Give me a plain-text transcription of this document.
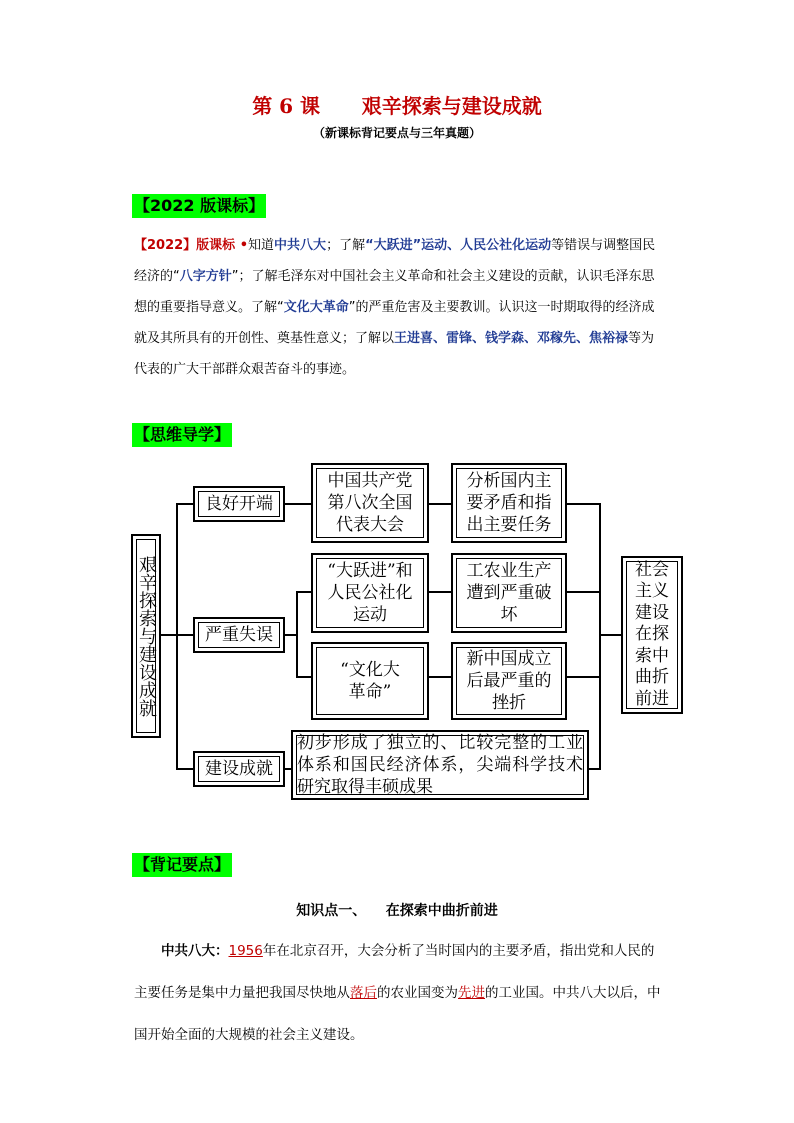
第 6 课      艰辛探索与建设成就
（新课标背记要点与三年真题）
【2022 版课标】
【2022】版课标 •知道中共八大；了解“大跃进”运动、人民公社化运动等错误与调整国民经济的“八字方针”；了解毛泽东对中国社会主义革命和社会主义建设的贡献，认识毛泽东思想的重要指导意义。了解“文化大革命”的严重危害及主要教训。认识这一时期取得的经济成就及其所具有的开创性、奠基性意义；了解以王进喜、雷锋、钱学森、邓稼先、焦裕禄等为代表的广大干部群众艰苦奋斗的事迹。
【思维导学】
艰辛探索与建设成就
良好开端
严重失误
建设成就
中国共产党第八次全国代表大会
“大跃进”和人民公社化运动
“文化大革命”
分析国内主要矛盾和指出主要任务
工农业生产遭到严重破坏
新中国成立后最严重的挫折
初步形成了独立的、比较完整的工业体系和国民经济体系，尖端科学技术研究取得丰硕成果
社会主义建设在探索中曲折前进
【背记要点】
知识点一、    在探索中曲折前进
中共八大：1956年在北京召开，大会分析了当时国内的主要矛盾，指出党和人民的主要任务是集中力量把我国尽快地从落后的农业国变为先进的工业国。中共八大以后，中国开始全面的大规模的社会主义建设。
